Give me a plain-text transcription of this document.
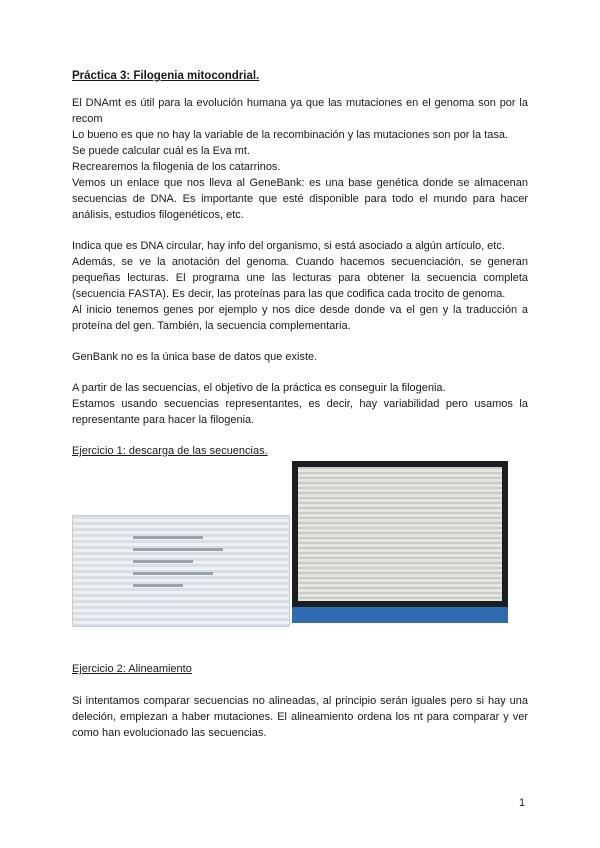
Práctica 3: Filogenia mitocondrial.

El DNAmt es útil para la evolución humana ya que las mutaciones en el genoma son por la recom

Lo bueno es que no hay la variable de la recombinación y las mutaciones son por la tasa.

Se puede calcular cuál es la Eva mt.

Recrearemos la filogenia de los catarrinos.

Vemos un enlace que nos lleva al GeneBank: es una base genética donde se almacenan secuencias de DNA. Es importante que esté disponible para todo el mundo para hacer análisis, estudios filogenéticos, etc.

Indica que es DNA circular, hay info del organismo, si está asociado a algún artículo, etc.

Además, se ve la anotación del genoma. Cuando hacemos secuenciación, se generan pequeñas lecturas. El programa une las lecturas para obtener la secuencia completa (secuencia FASTA). Es decir, las proteínas para las que codifica cada trocito de genoma.

Al inicio tenemos genes por ejemplo y nos dice desde donde va el gen y la traducción a proteína del gen. También, la secuencia complementaria.

GenBank no es la única base de datos que existe.

A partir de las secuencias, el objetivo de la práctica es conseguir la filogenia.

Estamos usando secuencias representantes, es decir, hay variabilidad pero usamos la representante para hacer la filogenia.

Ejercicio 1: descarga de las secuencias.
Ejercicio 2: Alineamiento

Si intentamos comparar secuencias no alineadas, al principio serán iguales pero si hay una deleción, empiezan a haber mutaciones. El alineamiento ordena los nt para comparar y ver como han evolucionado las secuencias.

1
